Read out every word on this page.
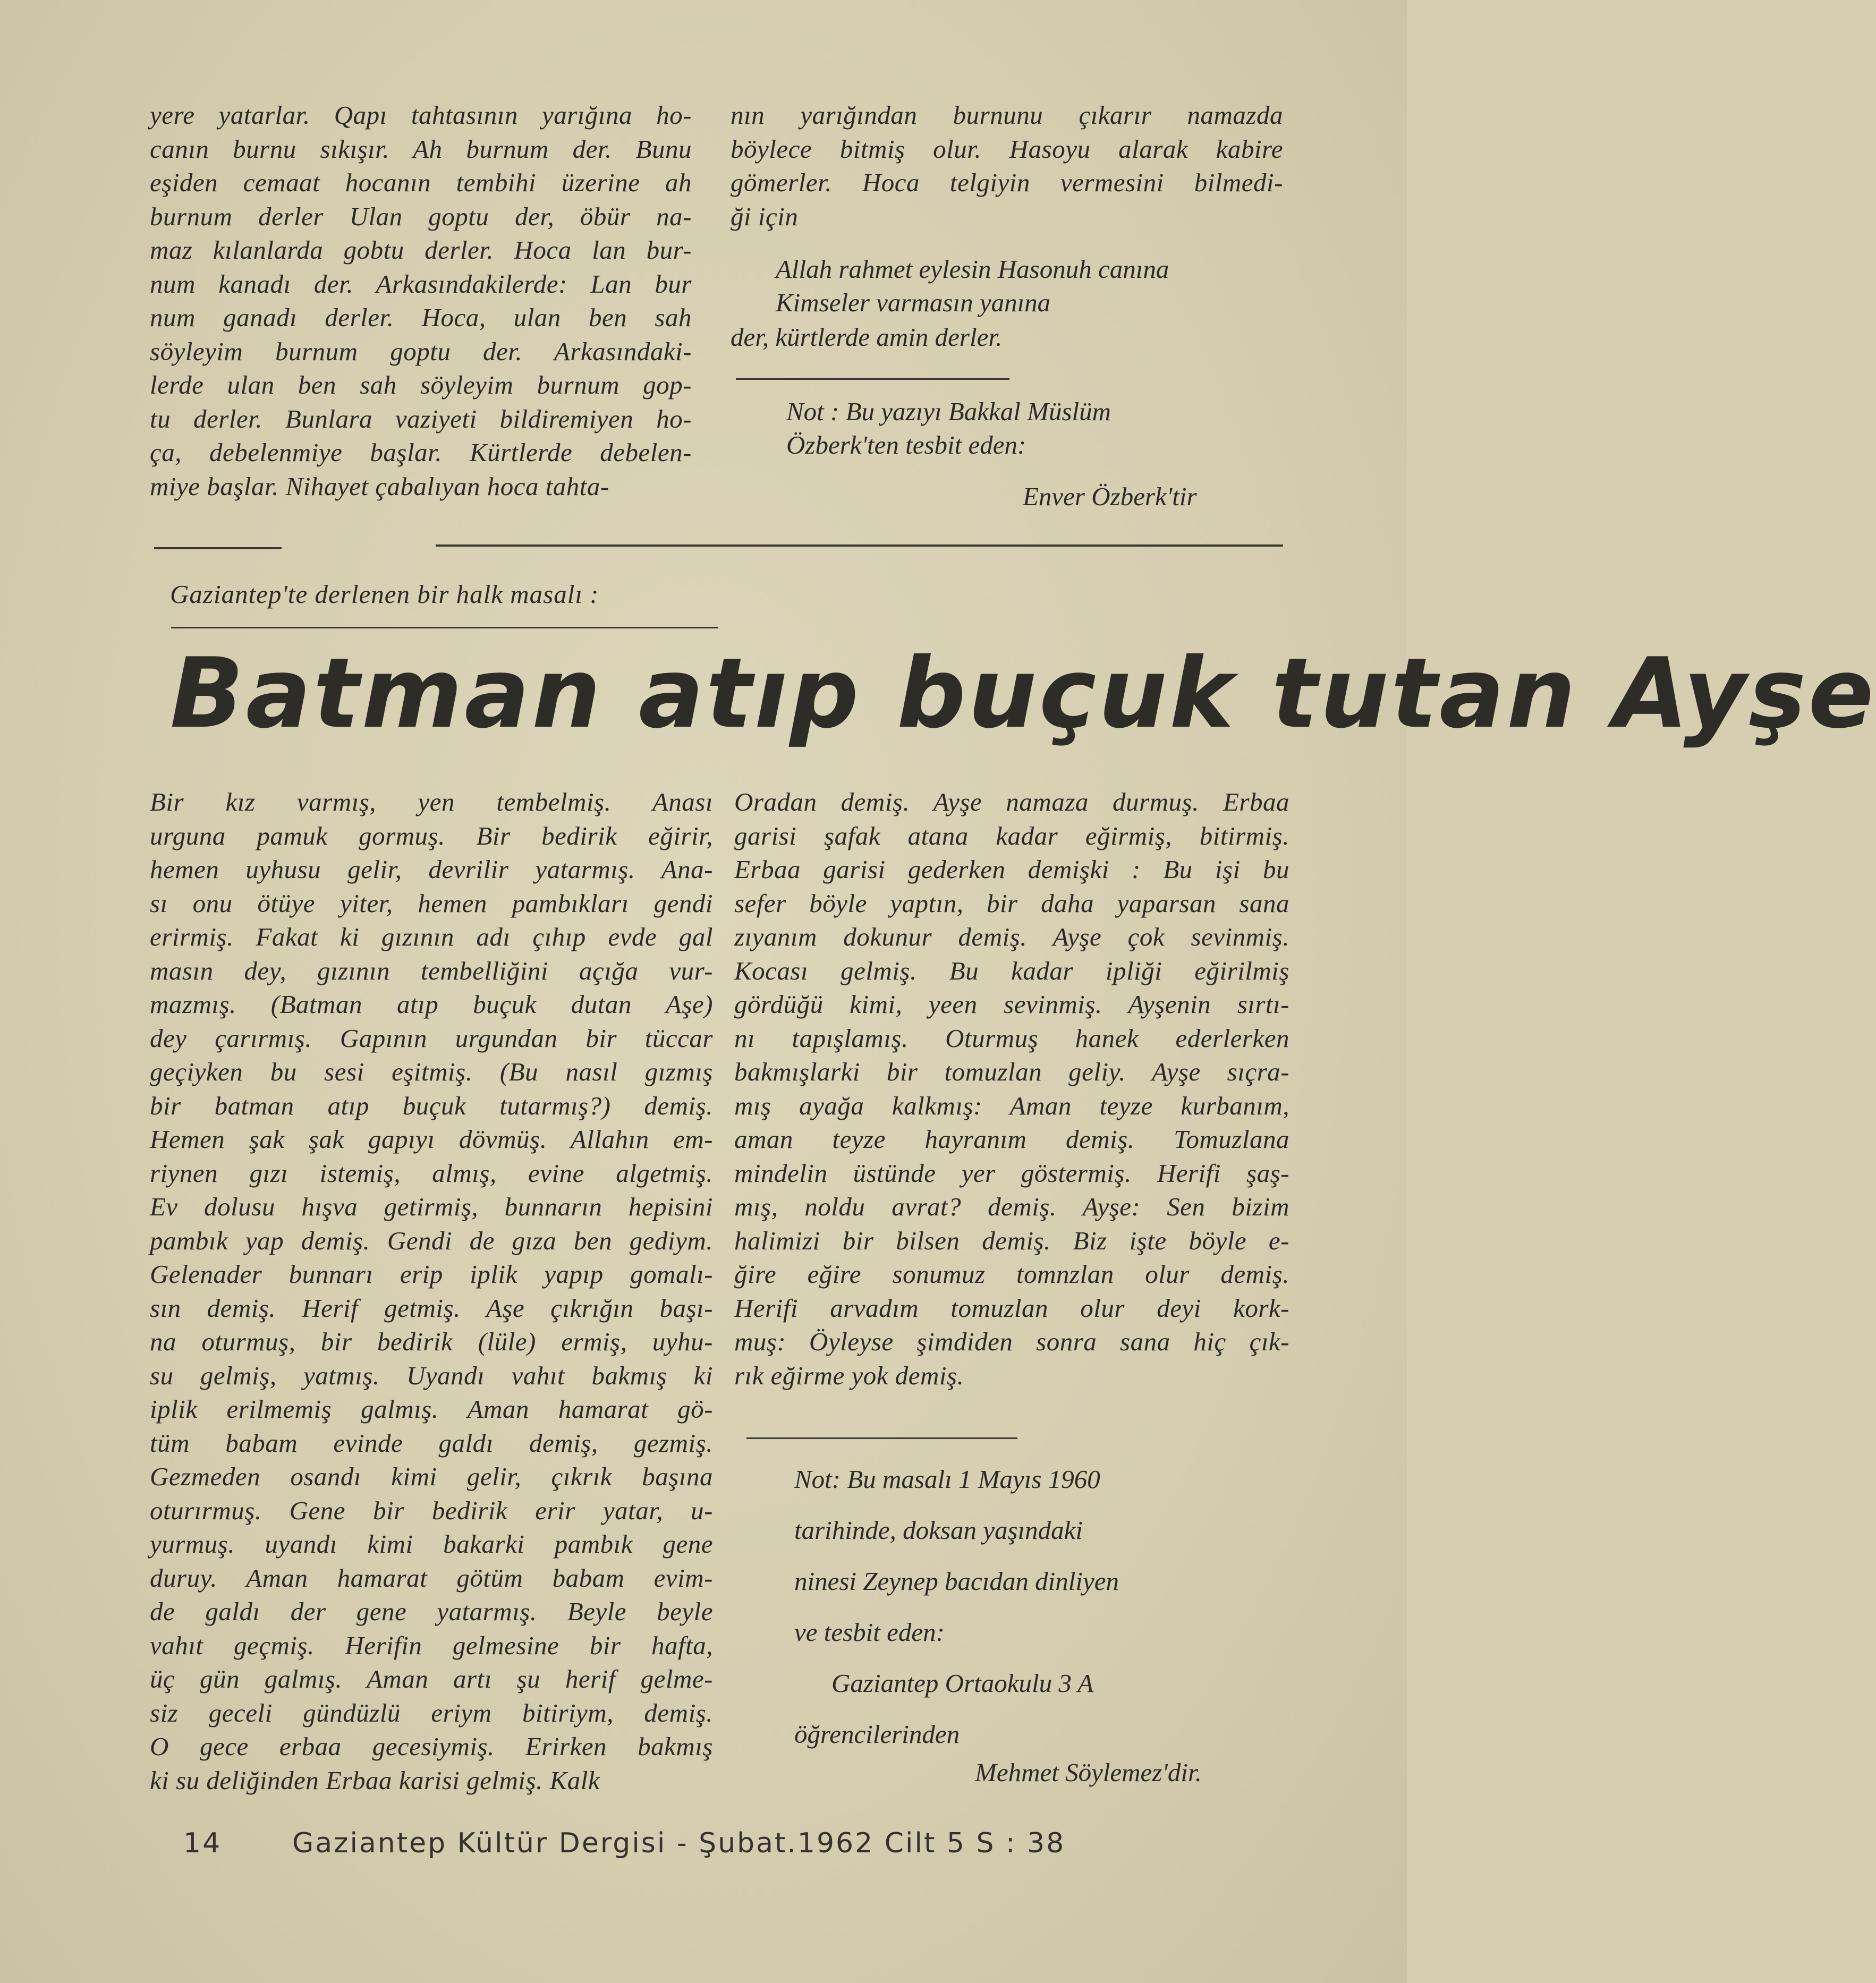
yere yatarlar. Qapı tahtasının yarığına ho-
canın burnu sıkışır. Ah burnum der. Bunu
eşiden cemaat hocanın tembihi üzerine ah
burnum derler Ulan goptu der, öbür na-
maz kılanlarda gobtu derler. Hoca lan bur-
num kanadı der. Arkasındakilerde: Lan bur
num ganadı derler. Hoca, ulan ben sah
söyleyim burnum goptu der. Arkasındaki-
lerde ulan ben sah söyleyim burnum gop-
tu derler. Bunlara vaziyeti bildiremiyen ho-
ça, debelenmiye başlar. Kürtlerde debelen-
miye başlar. Nihayet çabalıyan hoca tahta-
nın yarığından burnunu çıkarır namazda
böylece bitmiş olur. Hasoyu alarak kabire
gömerler. Hoca telgiyin vermesini bilmedi-
ği için
Allah rahmet eylesin Hasonuh canına
Kimseler varmasın yanına
der, kürtlerde amin derler.
Not : Bu yazıyı Bakkal Müslüm
Özberk'ten tesbit eden:
Enver Özberk'tir
Gaziantep'te derlenen bir halk masalı :
Batman atıp buçuk tutan Ayşe
Bir kız varmış, yen tembelmiş. Anası
urguna pamuk gormuş. Bir bedirik eğirir,
hemen uyhusu gelir, devrilir yatarmış. Ana-
sı onu ötüye yiter, hemen pambıkları gendi
erirmiş. Fakat ki gızının adı çıhıp evde gal
masın dey, gızının tembelliğini açığa vur-
mazmış. (Batman atıp buçuk dutan Aşe)
dey çarırmış. Gapının urgundan bir tüccar
geçiyken bu sesi eşitmiş. (Bu nasıl gızmış
bir batman atıp buçuk tutarmış?) demiş.
Hemen şak şak gapıyı dövmüş. Allahın em-
riynen gızı istemiş, almış, evine algetmiş.
Ev dolusu hışva getirmiş, bunnarın hepisini
pambık yap demiş. Gendi de gıza ben gediym.
Gelenader bunnarı erip iplik yapıp gomalı-
sın demiş. Herif getmiş. Aşe çıkrığın başı-
na oturmuş, bir bedirik (lüle) ermiş, uyhu-
su gelmiş, yatmış. Uyandı vahıt bakmış ki
iplik erilmemiş galmış. Aman hamarat gö-
tüm babam evinde galdı demiş, gezmiş.
Gezmeden osandı kimi gelir, çıkrık başına
oturırmuş. Gene bir bedirik erir yatar, u-
yurmuş. uyandı kimi bakarki pambık gene
duruy. Aman hamarat götüm babam evim-
de galdı der gene yatarmış. Beyle beyle
vahıt geçmiş. Herifin gelmesine bir hafta,
üç gün galmış. Aman artı şu herif gelme-
siz geceli gündüzlü eriym bitiriym, demiş.
O gece erbaa gecesiymiş. Erirken bakmış
ki su deliğinden Erbaa karisi gelmiş. Kalk
Oradan demiş. Ayşe namaza durmuş. Erbaa
garisi şafak atana kadar eğirmiş, bitirmiş.
Erbaa garisi gederken demişki : Bu işi bu
sefer böyle yaptın, bir daha yaparsan sana
zıyanım dokunur demiş. Ayşe çok sevinmiş.
Kocası gelmiş. Bu kadar ipliği eğirilmiş
gördüğü kimi, yeen sevinmiş. Ayşenin sırtı-
nı tapışlamış. Oturmuş hanek ederlerken
bakmışlarki bir tomuzlan geliy. Ayşe sıçra-
mış ayağa kalkmış: Aman teyze kurbanım,
aman teyze hayranım demiş. Tomuzlana
mindelin üstünde yer göstermiş. Herifi şaş-
mış, noldu avrat? demiş. Ayşe: Sen bizim
halimizi bir bilsen demiş. Biz işte böyle e-
ğire eğire sonumuz tomnzlan olur demiş.
Herifi arvadım tomuzlan olur deyi kork-
muş: Öyleyse şimdiden sonra sana hiç çık-
rık eğirme yok demiş.
Not: Bu masalı 1 Mayıs 1960
tarihinde, doksan yaşındaki
ninesi Zeynep bacıdan dinliyen
ve tesbit eden:
Gaziantep Ortaokulu 3 A
öğrencilerinden
Mehmet Söylemez'dir.
14	Gaziantep Kültür Dergisi - Şubat.1962 Cilt 5 S : 38
